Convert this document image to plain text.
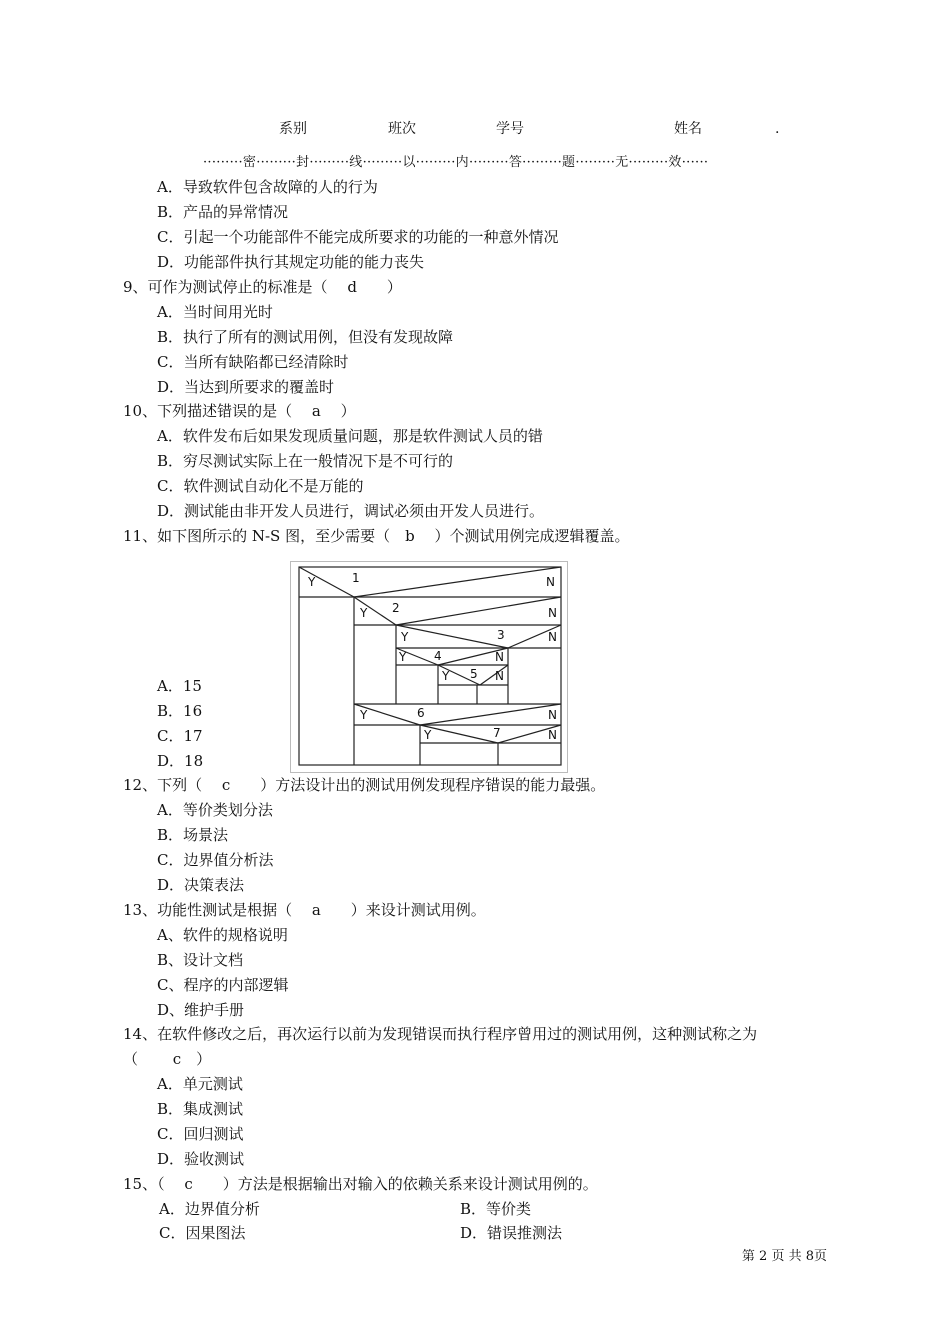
系别	班次	学号	姓名	.
·········密·········封·········线·········以·········内·········答·········题·········无·········效······
A．导致软件包含故障的人的行为
B．产品的异常情况
C．引起一个功能部件不能完成所要求的功能的一种意外情况
D．功能部件执行其规定功能的能力丧失
9、可作为测试停止的标准是（　 d　　）
A．当时间用光时
B．执行了所有的测试用例，但没有发现故障
C．当所有缺陷都已经清除时
D．当达到所要求的覆盖时
10、下列描述错误的是（　 a　 ）
A．软件发布后如果发现质量问题，那是软件测试人员的错
B．穷尽测试实际上在一般情况下是不可行的
C．软件测试自动化不是万能的
D．测试能由非开发人员进行，调试必须由开发人员进行。
11、如下图所示的 N-S 图，至少需要（　b　 ）个测试用例完成逻辑覆盖。
A．15
B．16
C．17
D．18
Y	1	N
Y 2	N
Y	3	N
Y 4	N
Y 5 N
Y	6	N
Y	7	N
12、下列（　 c　　）方法设计出的测试用例发现程序错误的能力最强。
A．等价类划分法
B．场景法
C．边界值分析法
D．决策表法
13、功能性测试是根据（　 a　　）来设计测试用例。
A、软件的规格说明
B、设计文档
C、程序的内部逻辑
D、维护手册
14、在软件修改之后，再次运行以前为发现错误而执行程序曾用过的测试用例，这种测试称之为
（　　 c　）
A．单元测试
B．集成测试
C．回归测试
D．验收测试
15、（　 c　　）方法是根据输出对输入的依赖关系来设计测试用例的。
A．边界值分析	B．等价类
C．因果图法	D．错误推测法
第 2 页 共 8页
